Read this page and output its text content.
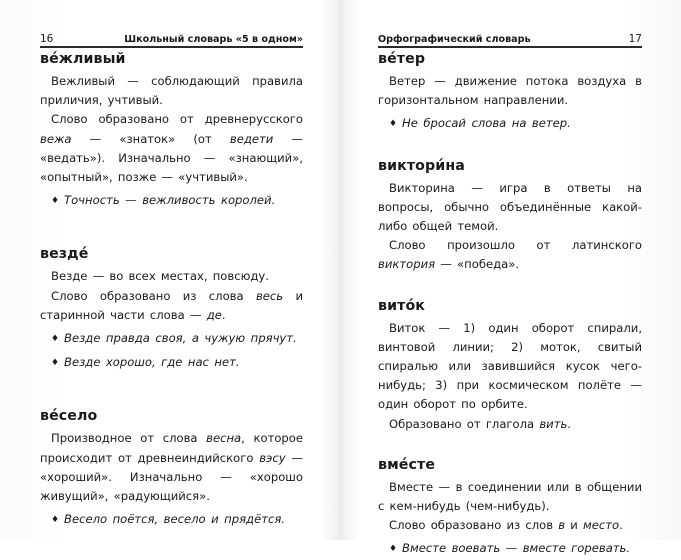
16	Школьный словарь «5 в одном»
ве́жливый

Вежливый — соблюдающий правила приличия, учтивый.

Слово образовано от древнерусского вежа — «знаток» (от ведети — «ведать»). Изначально — «знающий», «опытный», позже — «учтивый».

♦ Точность — вежливость королей.
везде́

Везде — во всех местах, повсюду.

Слово образовано из слова весь и старинной части слова — де.

♦ Везде правда своя, а чужую прячут.
♦ Везде хорошо, где нас нет.
ве́село

Производное от слова весна, которое происходит от древнеиндийского вэсу — «хороший». Изначально — «хорошо живущий», «радующийся».

♦ Весело поётся, весело и прядётся.
Орфографический словарь	17
ве́тер

Ветер — движение потока воздуха в горизонтальном направлении.

♦ Не бросай слова на ветер.
виктори́на

Викторина — игра в ответы на вопросы, обычно объединённые какой-либо общей темой.

Слово произошло от латинского виктория — «победа».

вито́к

Виток — 1) один оборот спирали, винтовой линии; 2) моток, свитый спиралью или завившийся кусок чего-нибудь; 3) при космическом полёте — один оборот по орбите.

Образовано от глагола вить.

вме́сте

Вместе — в соединении или в общении с кем-нибудь (чем-нибудь).

Слово образовано из слов в и место.

♦ Вместе воевать — вместе горевать.
